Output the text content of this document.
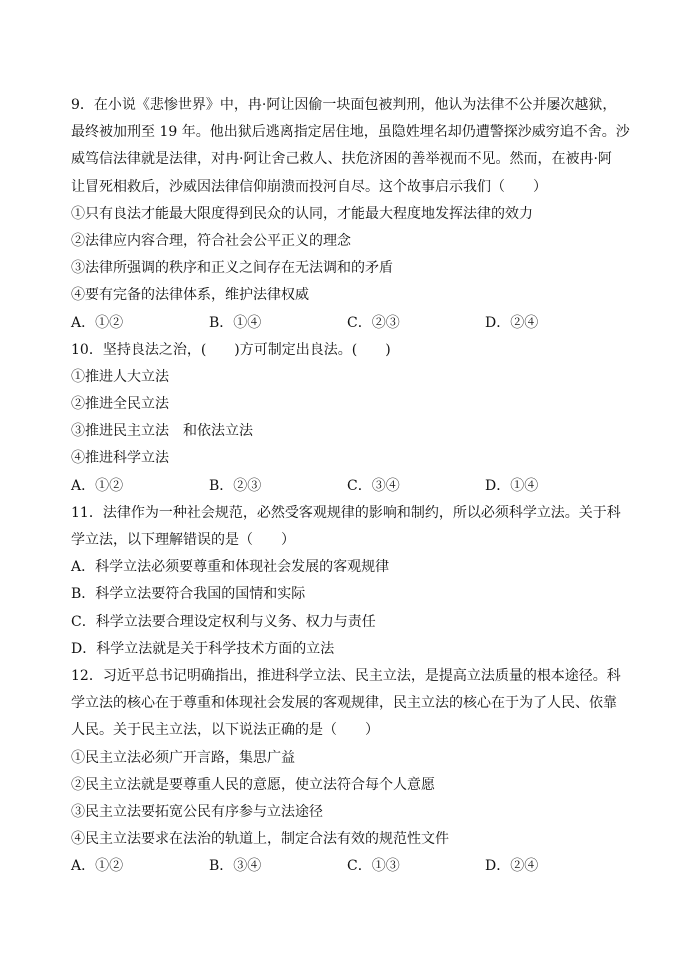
9．在小说《悲惨世界》中，冉·阿让因偷一块面包被判刑，他认为法律不公并屡次越狱，
最终被加刑至 19 年。他出狱后逃离指定居住地，虽隐姓埋名却仍遭警探沙威穷追不舍。沙
威笃信法律就是法律，对冉·阿让舍己救人、扶危济困的善举视而不见。然而，在被冉·阿
让冒死相救后，沙威因法律信仰崩溃而投河自尽。这个故事启示我们（　　）
①只有良法才能最大限度得到民众的认同，才能最大程度地发挥法律的效力
②法律应内容合理，符合社会公平正义的理念
③法律所强调的秩序和正义之间存在无法调和的矛盾
④要有完备的法律体系，维护法律权威
A．①②	B．①④	C．②③	D．②④
10．坚持良法之治，(　　)方可制定出良法。(　　)
①推进人大立法
②推进全民立法
③推进民主立法　和依法立法
④推进科学立法
A．①②	B．②③	C．③④	D．①④
11．法律作为一种社会规范，必然受客观规律的影响和制约，所以必须科学立法。关于科
学立法，以下理解错误的是（　　）
A．科学立法必须要尊重和体现社会发展的客观规律
B．科学立法要符合我国的国情和实际
C．科学立法要合理设定权利与义务、权力与责任
D．科学立法就是关于科学技术方面的立法
12．习近平总书记明确指出，推进科学立法、民主立法，是提高立法质量的根本途径。科
学立法的核心在于尊重和体现社会发展的客观规律，民主立法的核心在于为了人民、依靠
人民。关于民主立法，以下说法正确的是（　　）
①民主立法必须广开言路，集思广益
②民主立法就是要尊重人民的意愿，使立法符合每个人意愿
③民主立法要拓宽公民有序参与立法途径
④民主立法要求在法治的轨道上，制定合法有效的规范性文件
A．①②	B．③④	C．①③	D．②④
